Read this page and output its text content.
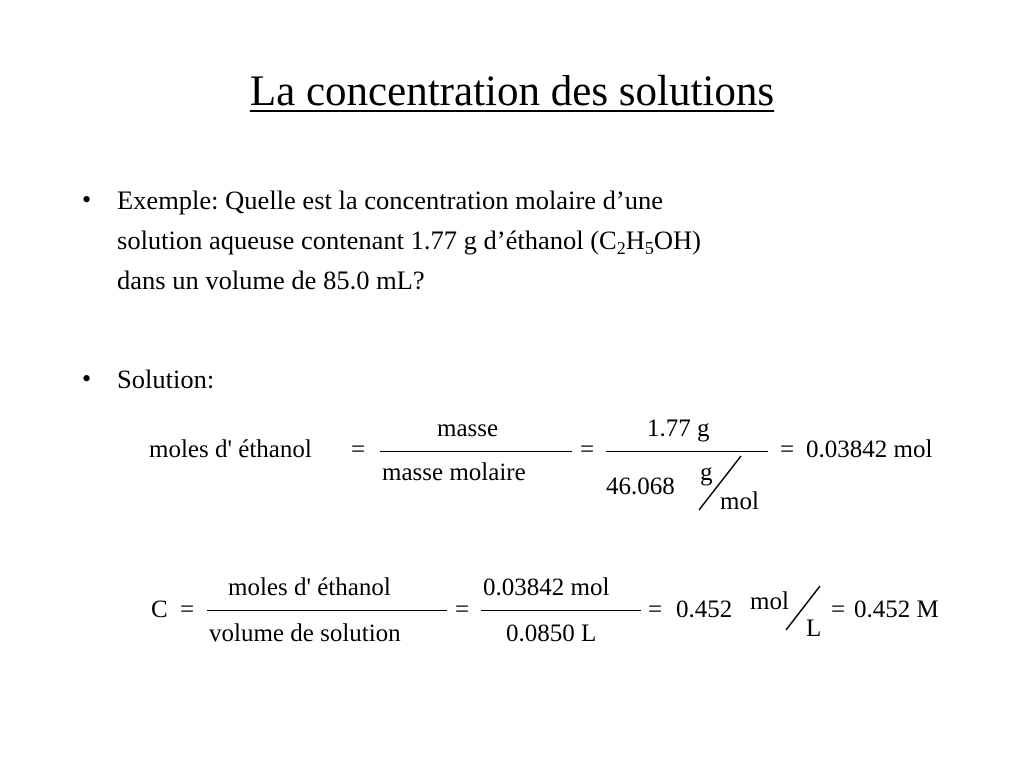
La concentration des solutions
• Exemple: Quelle est la concentration molaire d’une
solution aqueuse contenant 1.77 g d’éthanol $(C_2H_5OH)$
dans un volume de 85.0 mL?
• Solution:
moles d' éthanol =
masse
masse molaire
=
1.77 g
46.068
g
mol
= 0.03842 mol
C =
moles d' éthanol
volume de solution
=
0.03842 mol
0.0850 L
= 0.452 mol
L
= 0.452 M
